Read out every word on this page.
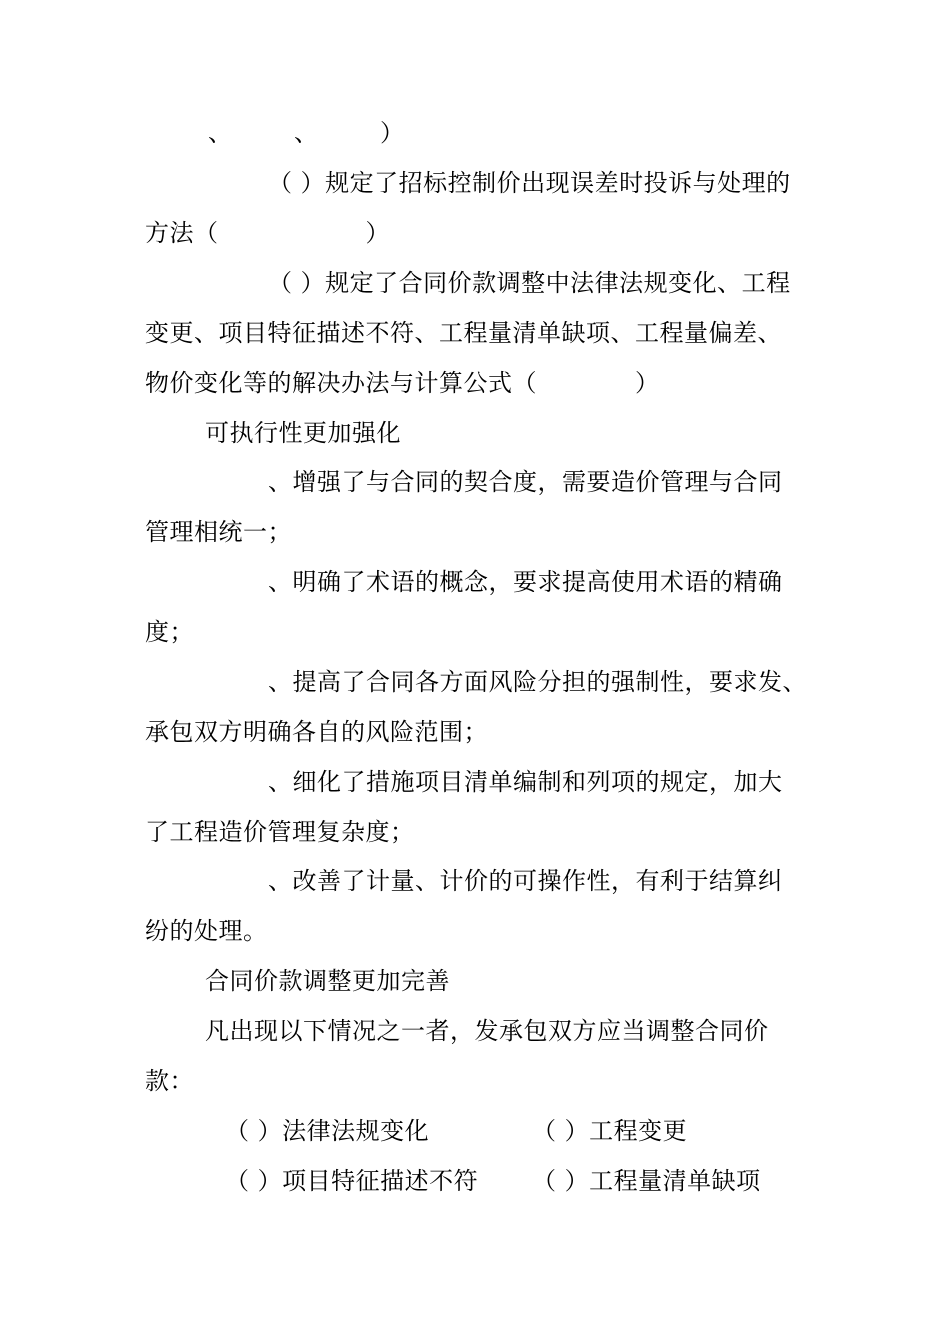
、　　　、　　　）
（ ）规定了招标控制价出现误差时投诉与处理的
方法（　　　　　　）
（ ）规定了合同价款调整中法律法规变化、工程
变更、项目特征描述不符、工程量清单缺项、工程量偏差、
物价变化等的解决办法与计算公式（　　　　）
可执行性更加强化
、增强了与合同的契合度，需要造价管理与合同
管理相统一；
、明确了术语的概念，要求提高使用术语的精确
度；
、提高了合同各方面风险分担的强制性，要求发、
承包双方明确各自的风险范围；
、细化了措施项目清单编制和列项的规定，加大
了工程造价管理复杂度；
、改善了计量、计价的可操作性，有利于结算纠
纷的处理。
合同价款调整更加完善
凡出现以下情况之一者，发承包双方应当调整合同价
款：
（ ）法律法规变化	（ ）工程变更
（ ）项目特征描述不符 （ ）工程量清单缺项
